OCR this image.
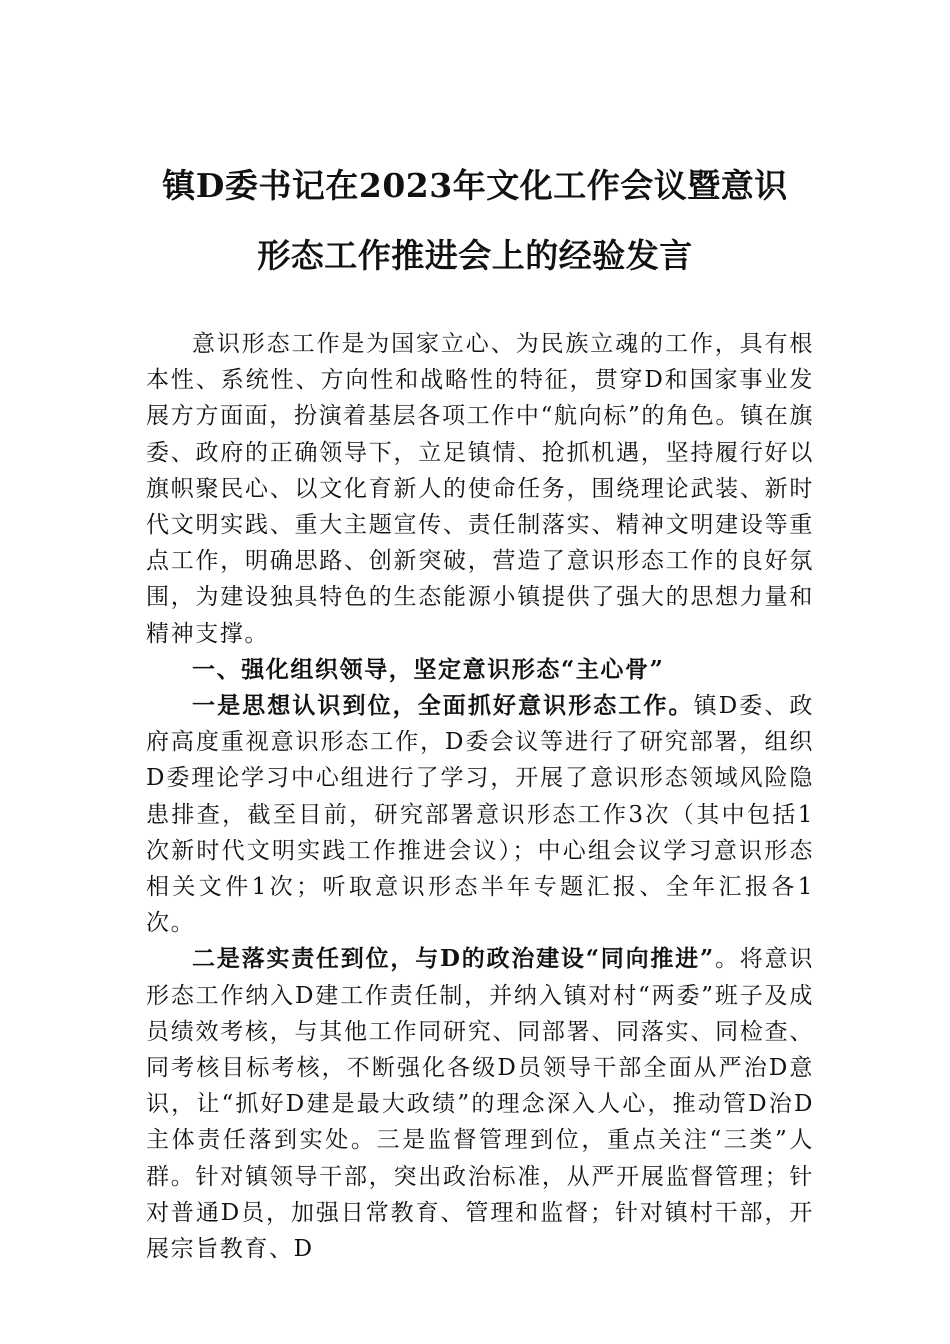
镇D委书记在2023年文化工作会议暨意识
形态工作推进会上的经验发言

意识形态工作是为国家立心、为民族立魂的工作，具有根本性、系统性、方向性和战略性的特征，贯穿D和国家事业发展方方面面，扮演着基层各项工作中“航向标”的角色。镇在旗委、政府的正确领导下，立足镇情、抢抓机遇，坚持履行好以旗帜聚民心、以文化育新人的使命任务，围绕理论武装、新时代文明实践、重大主题宣传、责任制落实、精神文明建设等重点工作，明确思路、创新突破，营造了意识形态工作的良好氛围，为建设独具特色的生态能源小镇提供了强大的思想力量和精神支撑。

一、强化组织领导，坚定意识形态“主心骨”

一是思想认识到位，全面抓好意识形态工作。镇D委、政府高度重视意识形态工作，D委会议等进行了研究部署，组织D委理论学习中心组进行了学习，开展了意识形态领域风险隐患排查，截至目前，研究部署意识形态工作3次（其中包括1次新时代文明实践工作推进会议）；中心组会议学习意识形态相关文件1次；听取意识形态半年专题汇报、全年汇报各1次。

二是落实责任到位，与D的政治建设“同向推进”。将意识形态工作纳入D建工作责任制，并纳入镇对村“两委”班子及成员绩效考核，与其他工作同研究、同部署、同落实、同检查、同考核目标考核，不断强化各级D员领导干部全面从严治D意识，让“抓好D建是最大政绩”的理念深入人心，推动管D治D主体责任落到实处。三是监督管理到位，重点关注“三类”人群。针对镇领导干部，突出政治标准，从严开展监督管理；针对普通D员，加强日常教育、管理和监督；针对镇村干部，开展宗旨教育、D
